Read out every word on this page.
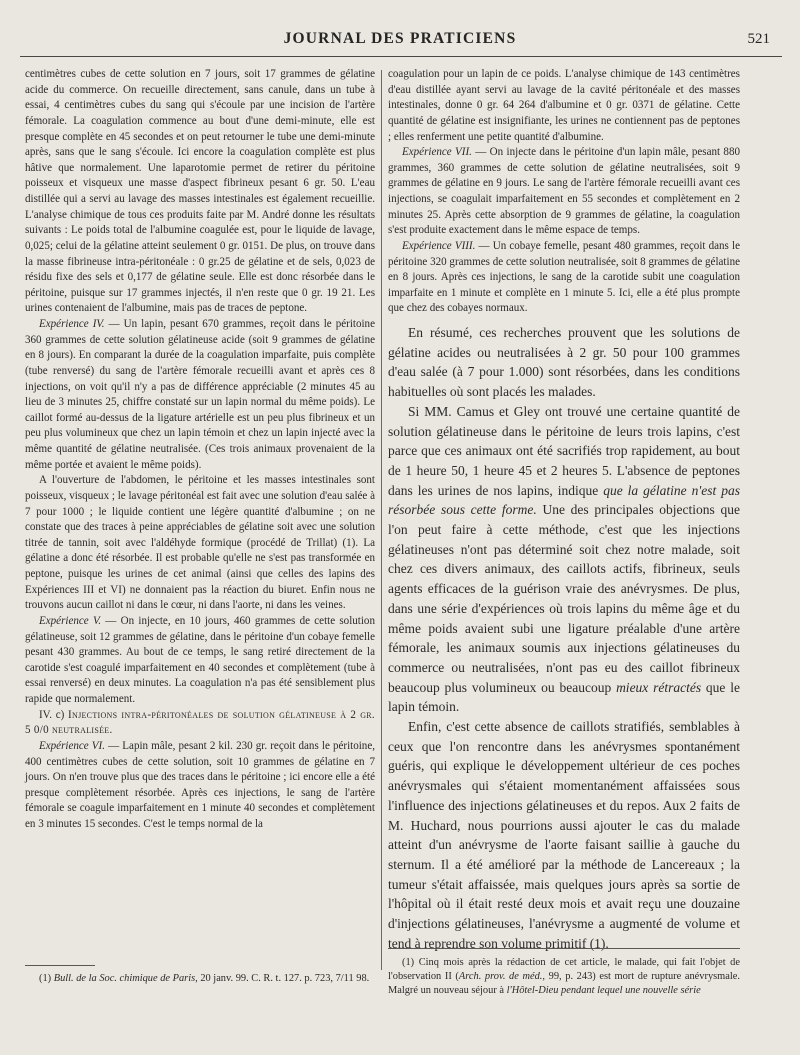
JOURNAL DES PRATICIENS	521

centimètres cubes de cette solution en 7 jours, soit 17 grammes de gélatine acide du commerce. On recueille directement, sans canule, dans un tube à essai, 4 centimètres cubes du sang qui s'écoule par une incision de l'artère fémorale. La coagulation commence au bout d'une demi-minute, elle est presque complète en 45 secondes et on peut retourner le tube une demi-minute après, sans que le sang s'écoule. Ici encore la coagulation complète est plus hâtive que normalement. Une laparotomie permet de retirer du péritoine poisseux et visqueux une masse d'aspect fibrineux pesant 6 gr. 50. L'eau distillée qui a servi au lavage des masses intestinales est également recueillie. L'analyse chimique de tous ces produits faite par M. André donne les résultats suivants : Le poids total de l'albumine coagulée est, pour le liquide de lavage, 0,025; celui de la gélatine atteint seulement 0 gr. 0151. De plus, on trouve dans la masse fibrineuse intra-péritonéale : 0 gr.25 de gélatine et de sels, 0,023 de résidu fixe des sels et 0,177 de gélatine seule. Elle est donc résorbée dans le péritoine, puisque sur 17 grammes injectés, il n'en reste que 0 gr. 19 21. Les urines contenaient de l'albumine, mais pas de traces de peptone.

Expérience IV. — Un lapin, pesant 670 grammes, reçoit dans le péritoine 360 grammes de cette solution gélatineuse acide (soit 9 grammes de gélatine en 8 jours). En comparant la durée de la coagulation imparfaite, puis complète (tube renversé) du sang de l'artère fémorale recueilli avant et après ces 8 injections, on voit qu'il n'y a pas de différence appréciable (2 minutes 45 au lieu de 3 minutes 25, chiffre constaté sur un lapin normal du même poids). Le caillot formé au-dessus de la ligature artérielle est un peu plus fibrineux et un peu plus volumineux que chez un lapin témoin et chez un lapin injecté avec la même quantité de gélatine neutralisée. (Ces trois animaux provenaient de la même portée et avaient le même poids).

A l'ouverture de l'abdomen, le péritoine et les masses intestinales sont poisseux, visqueux ; le lavage péritonéal est fait avec une solution d'eau salée à 7 pour 1000 ; le liquide contient une légère quantité d'albumine ; on ne constate que des traces à peine appréciables de gélatine soit avec une solution titrée de tannin, soit avec l'aldéhyde formique (procédé de Trillat) (1). La gélatine a donc été résorbée. Il est probable qu'elle ne s'est pas transformée en peptone, puisque les urines de cet animal (ainsi que celles des lapins des Expériences III et VI) ne donnaient pas la réaction du biuret. Enfin nous ne trouvons aucun caillot ni dans le cœur, ni dans l'aorte, ni dans les veines.

Expérience V. — On injecte, en 10 jours, 460 grammes de cette solution gélatineuse, soit 12 grammes de gélatine, dans le péritoine d'un cobaye femelle pesant 430 grammes. Au bout de ce temps, le sang retiré directement de la carotide s'est coagulé imparfaitement en 40 secondes et complètement (tube à essai renversé) en deux minutes. La coagulation n'a pas été sensiblement plus rapide que normalement.

IV. c) Injections intra-péritonéales de solution gélatineuse à 2 gr. 5 0/0 neutralisée.

Expérience VI. — Lapin mâle, pesant 2 kil. 230 gr. reçoit dans le péritoine, 400 centimètres cubes de cette solution, soit 10 grammes de gélatine en 7 jours. On n'en trouve plus que des traces dans le péritoine ; ici encore elle a été presque complètement résorbée. Après ces injections, le sang de l'artère fémorale se coagule imparfaitement en 1 minute 40 secondes et complètement en 3 minutes 15 secondes. C'est le temps normal de la

coagulation pour un lapin de ce poids. L'analyse chimique de 143 centimètres d'eau distillée ayant servi au lavage de la cavité péritonéale et des masses intestinales, donne 0 gr. 64 264 d'albumine et 0 gr. 0371 de gélatine. Cette quantité de gélatine est insignifiante, les urines ne contiennent pas de peptones ; elles renferment une petite quantité d'albumine.

Expérience VII. — On injecte dans le péritoine d'un lapin mâle, pesant 880 grammes, 360 grammes de cette solution de gélatine neutralisées, soit 9 grammes de gélatine en 9 jours. Le sang de l'artère fémorale recueilli avant ces injections, se coagulait imparfaitement en 55 secondes et complètement en 2 minutes 25. Après cette absorption de 9 grammes de gélatine, la coagulation s'est produite exactement dans le même espace de temps.

Expérience VIII. — Un cobaye femelle, pesant 480 grammes, reçoit dans le péritoine 320 grammes de cette solution neutralisée, soit 8 grammes de gélatine en 8 jours. Après ces injections, le sang de la carotide subit une coagulation imparfaite en 1 minute et complète en 1 minute 5. Ici, elle a été plus prompte que chez des cobayes normaux.

En résumé, ces recherches prouvent que les solutions de gélatine acides ou neutralisées à 2 gr. 50 pour 100 grammes d'eau salée (à 7 pour 1.000) sont résorbées, dans les conditions habituelles où sont placés les malades.

Si MM. Camus et Gley ont trouvé une certaine quantité de solution gélatineuse dans le péritoine de leurs trois lapins, c'est parce que ces animaux ont été sacrifiés trop rapidement, au bout de 1 heure 50, 1 heure 45 et 2 heures 5. L'absence de peptones dans les urines de nos lapins, indique que la gélatine n'est pas résorbée sous cette forme. Une des principales objections que l'on peut faire à cette méthode, c'est que les injections gélatineuses n'ont pas déterminé soit chez notre malade, soit chez ces divers animaux, des caillots actifs, fibrineux, seuls agents efficaces de la guérison vraie des anévrysmes. De plus, dans une série d'expériences où trois lapins du même âge et du même poids avaient subi une ligature préalable d'une artère fémorale, les animaux soumis aux injections gélatineuses du commerce ou neutralisées, n'ont pas eu des caillot fibrineux beaucoup plus volumineux ou beaucoup mieux rétractés que le lapin témoin.

Enfin, c'est cette absence de caillots stratifiés, semblables à ceux que l'on rencontre dans les anévrysmes spontanément guéris, qui explique le développement ultérieur de ces poches anévrysmales qui s'étaient momentanément affaissées sous l'influence des injections gélatineuses et du repos. Aux 2 faits de M. Huchard, nous pourrions aussi ajouter le cas du malade atteint d'un anévrysme de l'aorte faisant saillie à gauche du sternum. Il a été amélioré par la méthode de Lancereaux ; la tumeur s'était affaissée, mais quelques jours après sa sortie de l'hôpital où il était resté deux mois et avait reçu une douzaine d'injections gélatineuses, l'anévrysme a augmenté de volume et tend à reprendre son volume primitif (1).

(1) Bull. de la Soc. chimique de Paris, 20 janv. 99. C. R. t. 127. p. 723, 7/11 98.

(1) Cinq mois après la rédaction de cet article, le malade, qui fait l'objet de l'observation II (Arch. prov. de méd., 99, p. 243) est mort de rupture anévrysmale. Malgré un nouveau séjour à l'Hôtel-Dieu pendant lequel une nouvelle série
